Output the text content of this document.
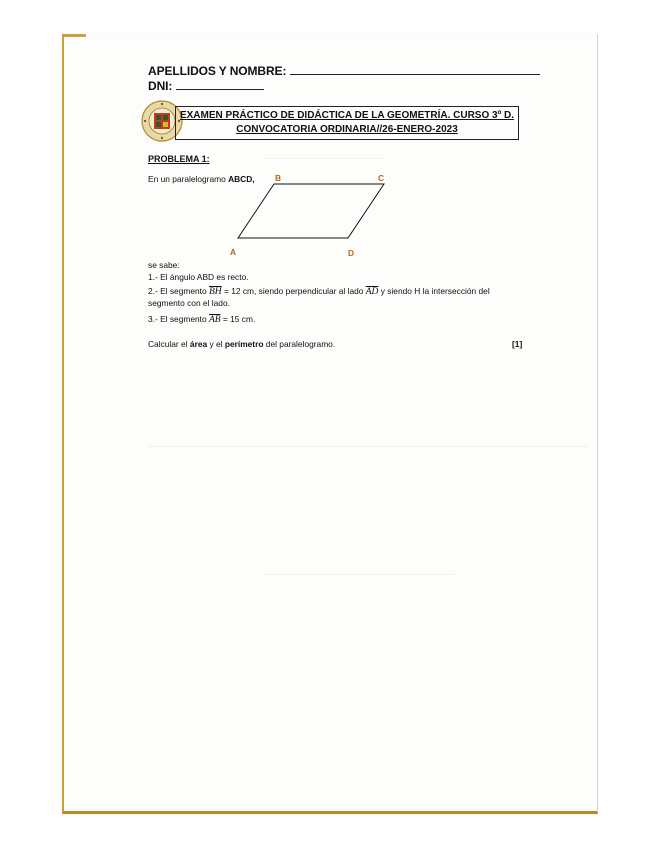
APELLIDOS Y NOMBRE:
DNI:
EXAMEN PRÁCTICO DE DIDÁCTICA DE LA GEOMETRÍA. CURSO 3º D.
CONVOCATORIA ORDINARIA//26-ENERO-2023
—————————————————
PROBLEMA 1:
En un paralelogramo ABCD, B	C
A	D
se sabe:
1.- El ángulo ABD es recto.
2.- El segmento $\overline{BH} = 12$ cm, siendo perpendicular al lado $\overline{AD}$ y siendo H la intersección del
segmento con el lado.
3.- El segmento $\overline{AB} = 15$ cm.
Calcular el área y el perímetro del paralelogramo.	[1]
